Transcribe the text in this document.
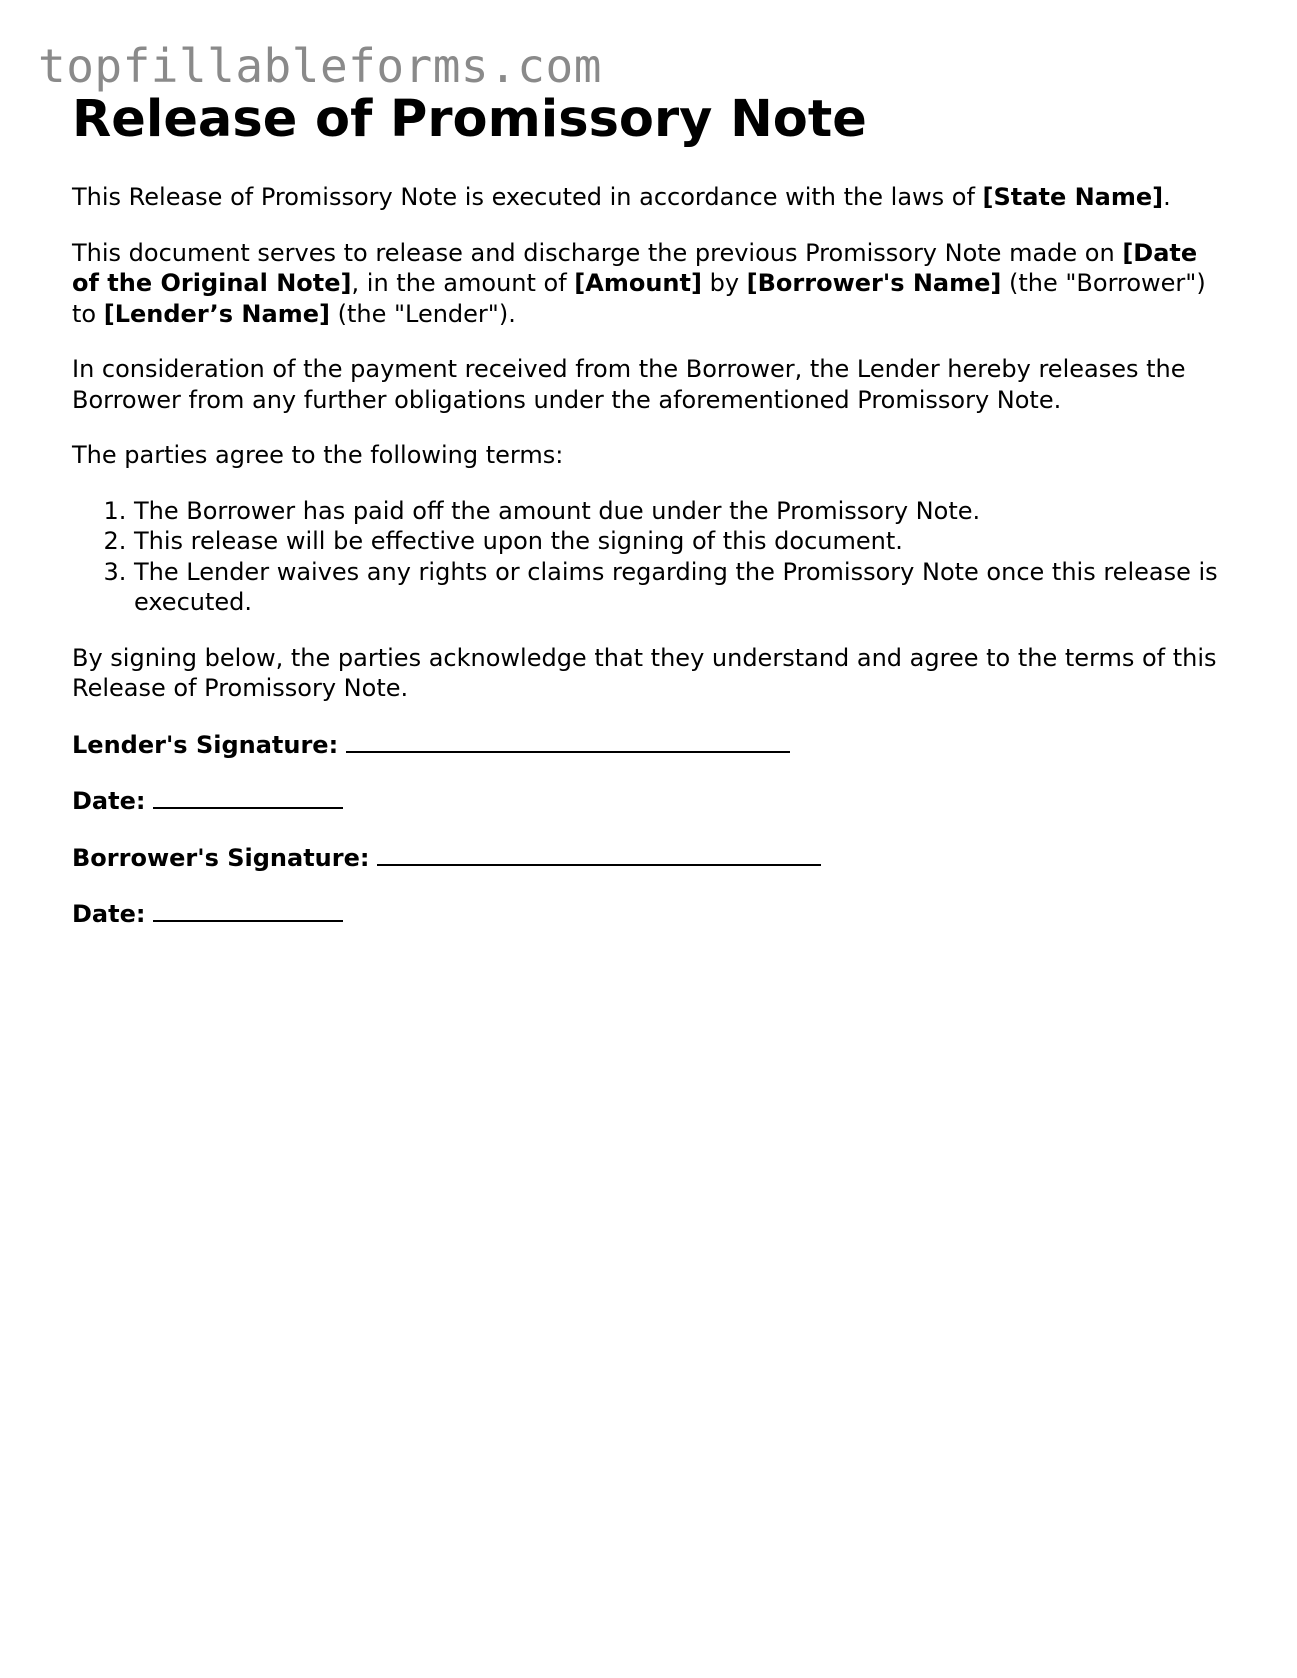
topfillableforms.com
Release of Promissory Note

This Release of Promissory Note is executed in accordance with the laws of [State Name].

This document serves to release and discharge the previous Promissory Note made on [Date of the Original Note], in the amount of [Amount] by [Borrower's Name] (the "Borrower") to [Lender’s Name] (the "Lender").

In consideration of the payment received from the Borrower, the Lender hereby releases the Borrower from any further obligations under the aforementioned Promissory Note.

The parties agree to the following terms:

1. The Borrower has paid off the amount due under the Promissory Note.
2. This release will be effective upon the signing of this document.
3. The Lender waives any rights or claims regarding the Promissory Note once this release is executed.

By signing below, the parties acknowledge that they understand and agree to the terms of this Release of Promissory Note.

Lender's Signature:
Date:
Borrower's Signature:
Date:
